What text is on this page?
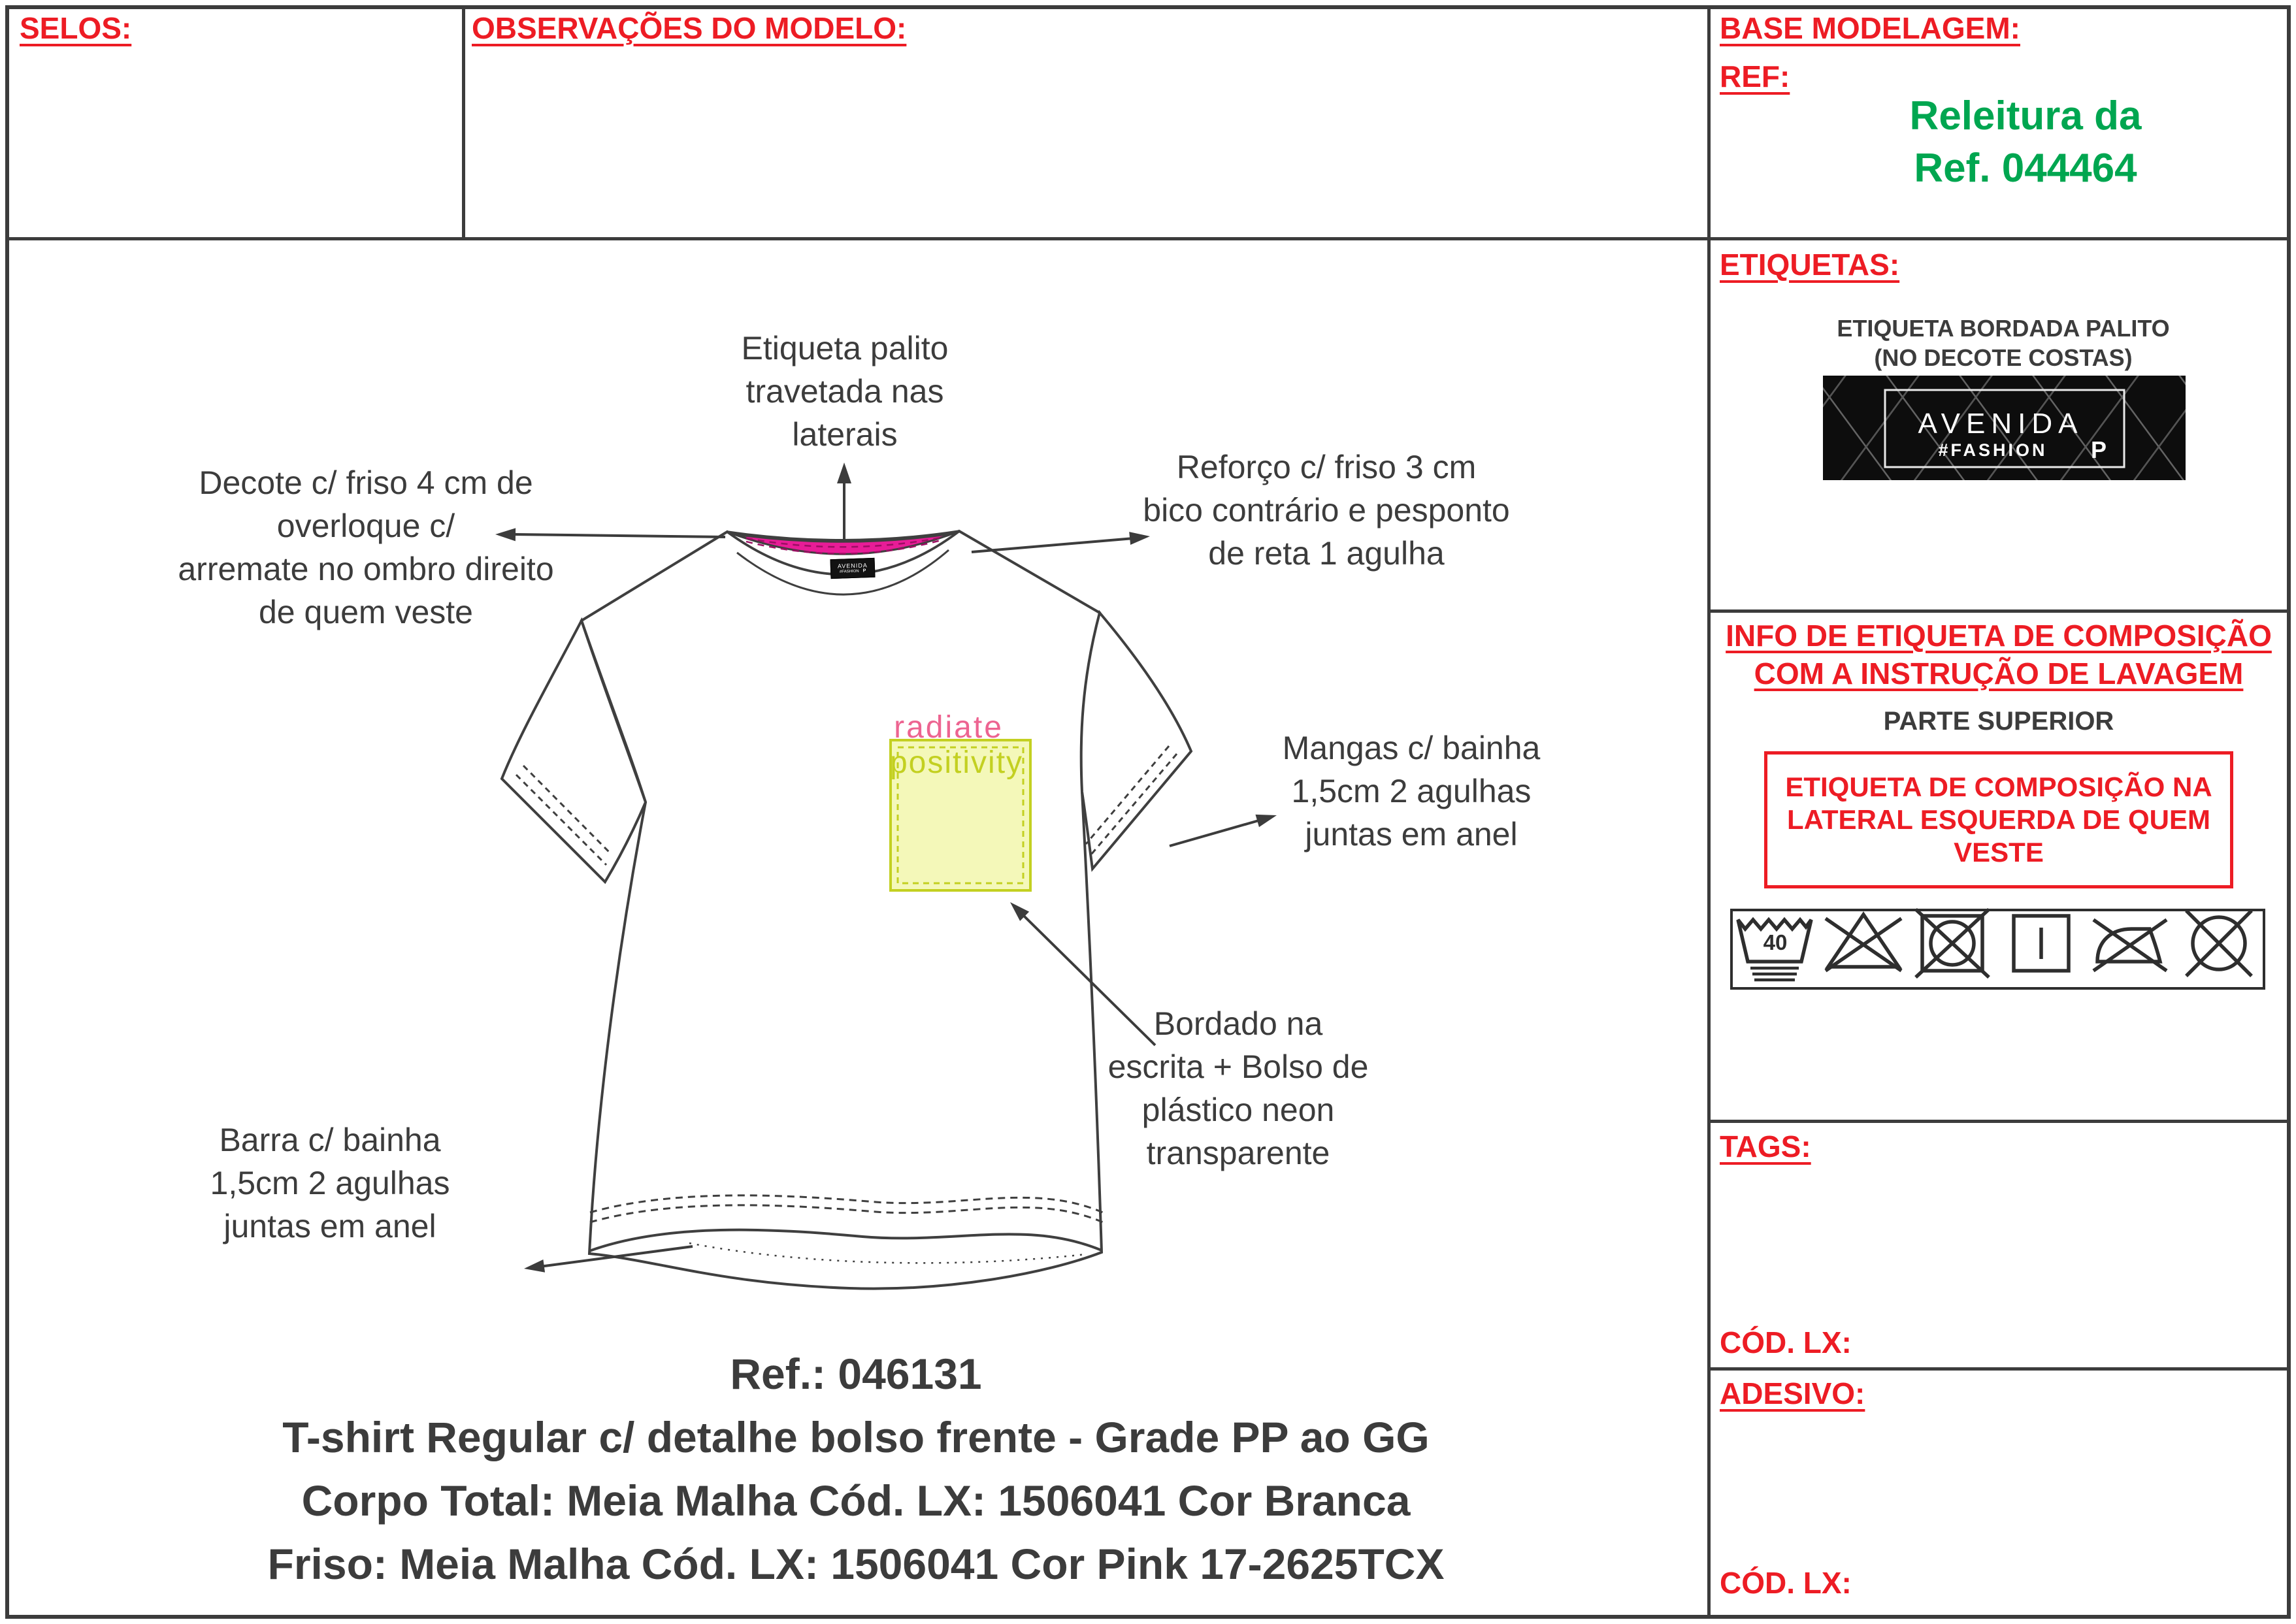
SELOS:	OBSERVAÇÕES DO MODELO:	BASE MODELAGEM:
REF:
Releitura da
Ref. 044464
ETIQUETAS:
ETIQUETA BORDADA PALITO
(NO DECOTE COSTAS)
AVENIDA
#FASHION P
INFO DE ETIQUETA DE COMPOSIÇÃO
COM A INSTRUÇÃO DE LAVAGEM
PARTE SUPERIOR
ETIQUETA DE COMPOSIÇÃO NA
LATERAL ESQUERDA DE QUEM
VESTE
40
TAGS:
CÓD. LX:
ADESIVO:
CÓD. LX:
Etiqueta palito
travetada nas
laterais
Decote c/ friso 4 cm de
overloque c/
arremate no ombro direito
de quem veste
Reforço c/ friso 3 cm
bico contrário e pesponto
de reta 1 agulha
Mangas c/ bainha
1,5cm 2 agulhas
juntas em anel
Bordado na
escrita + Bolso de
plástico neon
transparente
Barra c/ bainha
1,5cm 2 agulhas
juntas em anel
radiate
positivity
AVENIDA
#FASHION P
Ref.: 046131
T-shirt Regular c/ detalhe bolso frente - Grade PP ao GG
Corpo Total: Meia Malha Cód. LX: 1506041 Cor Branca
Friso: Meia Malha Cód. LX: 1506041 Cor Pink 17-2625TCX
